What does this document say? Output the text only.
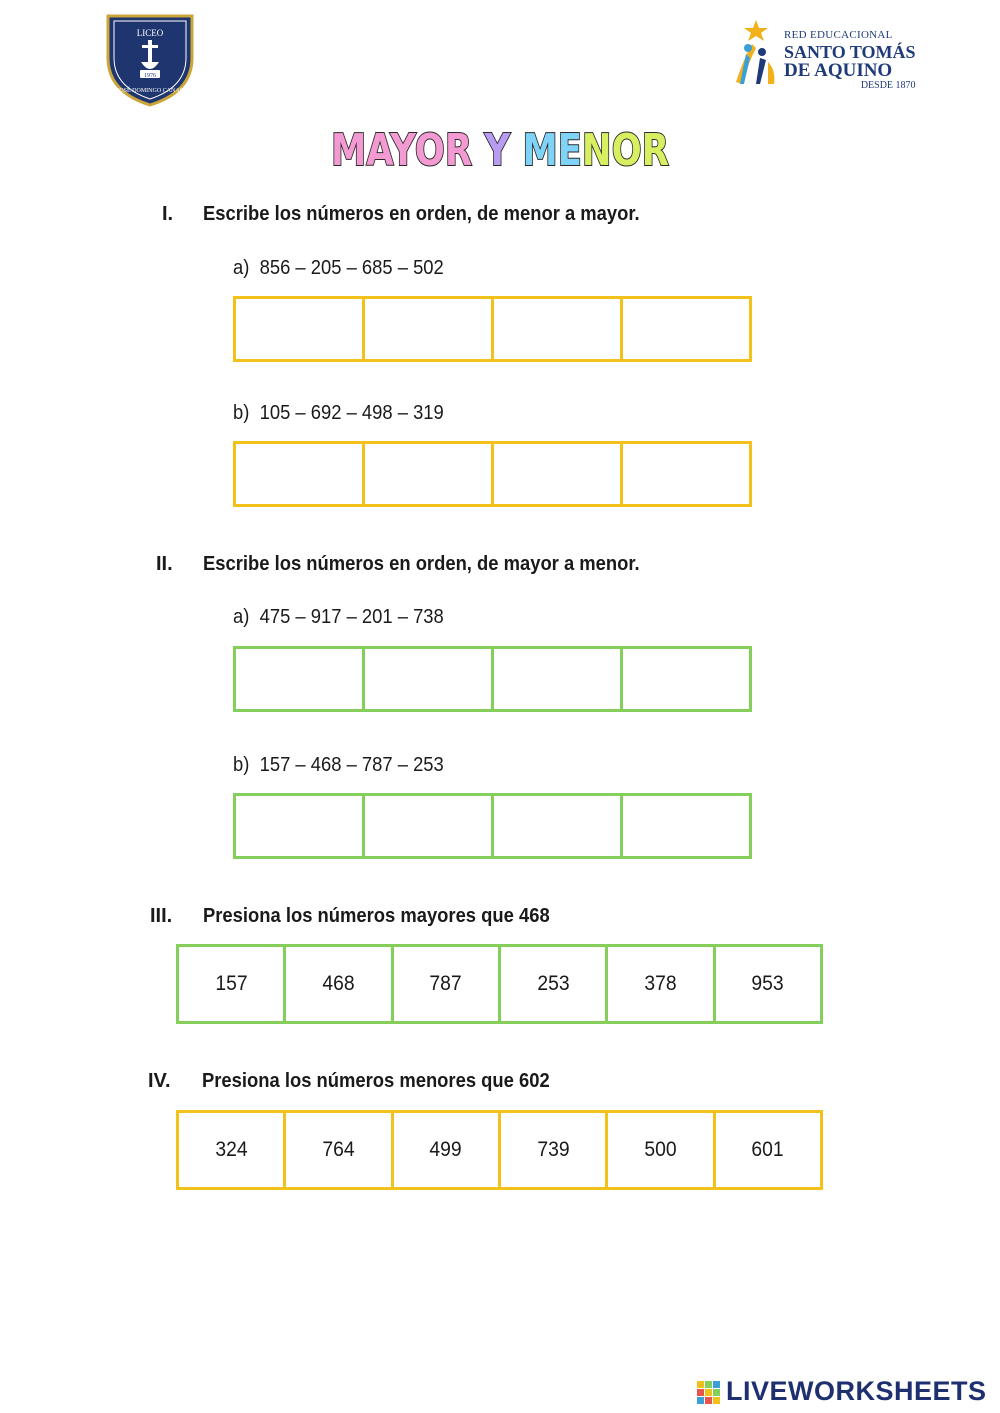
LICEO
JOSÉ DOMINGO CAÑAS
1976
RED EDUCACIONAL
SANTO TOMÁS
DE AQUINO
DESDE 1870
MAYOR Y MENOR
I. Escribe los números en orden, de menor a mayor.
a) 856 – 205 – 685 – 502
b) 105 – 692 – 498 – 319
II. Escribe los números en orden, de mayor a menor.
a) 475 – 917 – 201 – 738
b) 157 – 468 – 787 – 253
III. Presiona los números mayores que 468
157	468	787	253	378	953
IV. Presiona los números menores que 602
324	764	499	739	500	601
LIVEWORKSHEETS
